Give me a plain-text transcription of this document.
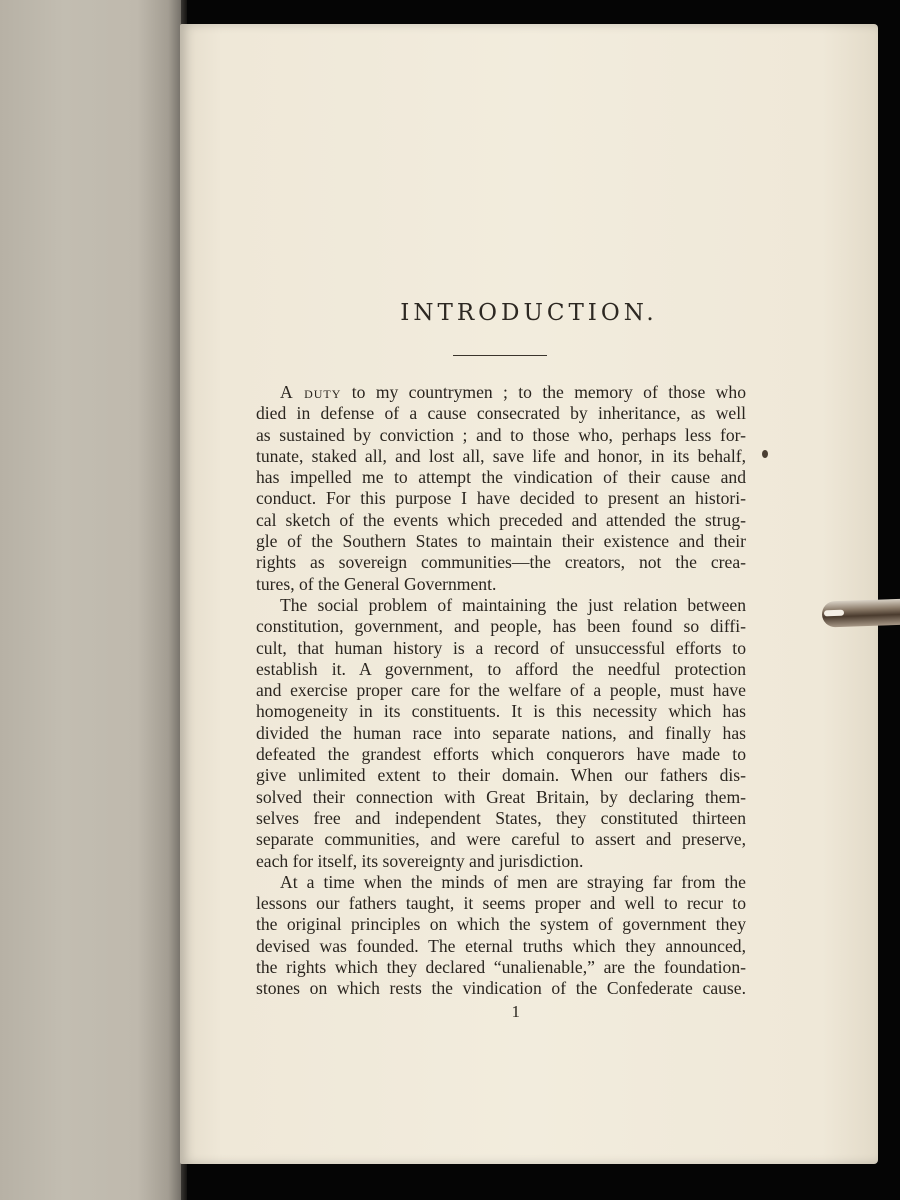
INTRODUCTION.
A duty to my countrymen ; to the memory of those who
died in defense of a cause consecrated by inheritance, as well
as sustained by conviction ; and to those who, perhaps less for-
tunate, staked all, and lost all, save life and honor, in its behalf,
has impelled me to attempt the vindication of their cause and
conduct. For this purpose I have decided to present an histori-
cal sketch of the events which preceded and attended the strug-
gle of the Southern States to maintain their existence and their
rights as sovereign communities—the creators, not the crea-
tures, of the General Government.
The social problem of maintaining the just relation between
constitution, government, and people, has been found so diffi-
cult, that human history is a record of unsuccessful efforts to
establish it. A government, to afford the needful protection
and exercise proper care for the welfare of a people, must have
homogeneity in its constituents. It is this necessity which has
divided the human race into separate nations, and finally has
defeated the grandest efforts which conquerors have made to
give unlimited extent to their domain. When our fathers dis-
solved their connection with Great Britain, by declaring them-
selves free and independent States, they constituted thirteen
separate communities, and were careful to assert and preserve,
each for itself, its sovereignty and jurisdiction.
At a time when the minds of men are straying far from the
lessons our fathers taught, it seems proper and well to recur to
the original principles on which the system of government they
devised was founded. The eternal truths which they announced,
the rights which they declared “unalienable,” are the foundation-
stones on which rests the vindication of the Confederate cause.
1
